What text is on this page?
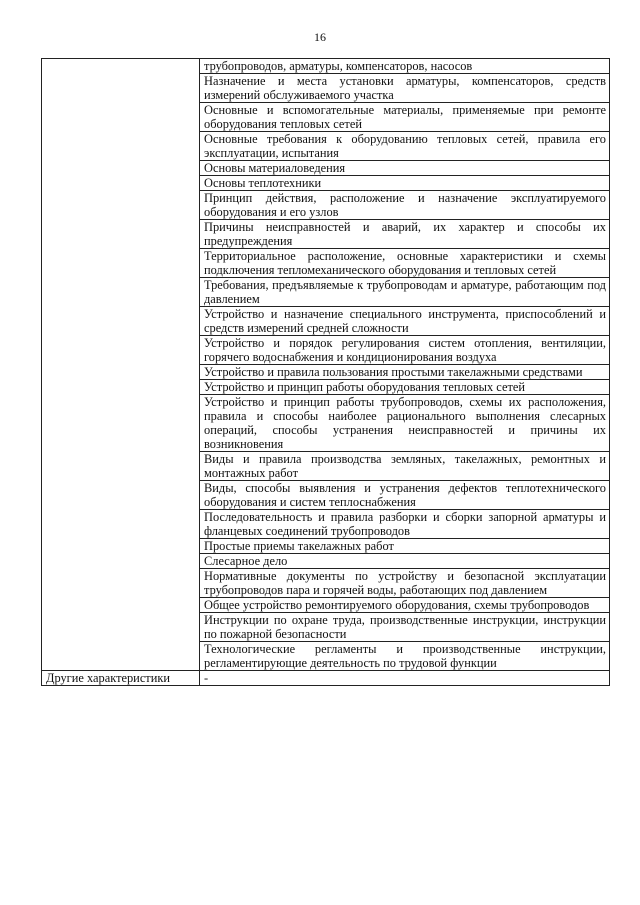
16
	трубопроводов, арматуры, компенсаторов, насосов
	Назначение и места установки арматуры, компенсаторов, средств измерений обслуживаемого участка
	Основные и вспомогательные материалы, применяемые при ремонте оборудования тепловых сетей
	Основные требования к оборудованию тепловых сетей, правила его эксплуатации, испытания
	Основы материаловедения
	Основы теплотехники
	Принцип действия, расположение и назначение эксплуатируемого оборудования и его узлов
	Причины неисправностей и аварий, их характер и способы их предупреждения
	Территориальное расположение, основные характеристики и схемы подключения тепломеханического оборудования и тепловых сетей
	Требования, предъявляемые к трубопроводам и арматуре, работающим под давлением
	Устройство и назначение специального инструмента, приспособлений и средств измерений средней сложности
	Устройство и порядок регулирования систем отопления, вентиляции, горячего водоснабжения и кондиционирования воздуха
	Устройство и правила пользования простыми такелажными средствами
	Устройство и принцип работы оборудования тепловых сетей
	Устройство и принцип работы трубопроводов, схемы их расположения, правила и способы наиболее рационального выполнения слесарных операций, способы устранения неисправностей и причины их возникновения
	Виды и правила производства земляных, такелажных, ремонтных и монтажных работ
	Виды, способы выявления и устранения дефектов теплотехнического оборудования и систем теплоснабжения
	Последовательность и правила разборки и сборки запорной арматуры и фланцевых соединений трубопроводов
	Простые приемы такелажных работ
	Слесарное дело
	Нормативные документы по устройству и безопасной эксплуатации трубопроводов пара и горячей воды, работающих под давлением
	Общее устройство ремонтируемого оборудования, схемы трубопроводов
	Инструкции по охране труда, производственные инструкции, инструкции по пожарной безопасности
	Технологические регламенты и производственные инструкции, регламентирующие деятельность по трудовой функции
Другие характеристики	-
